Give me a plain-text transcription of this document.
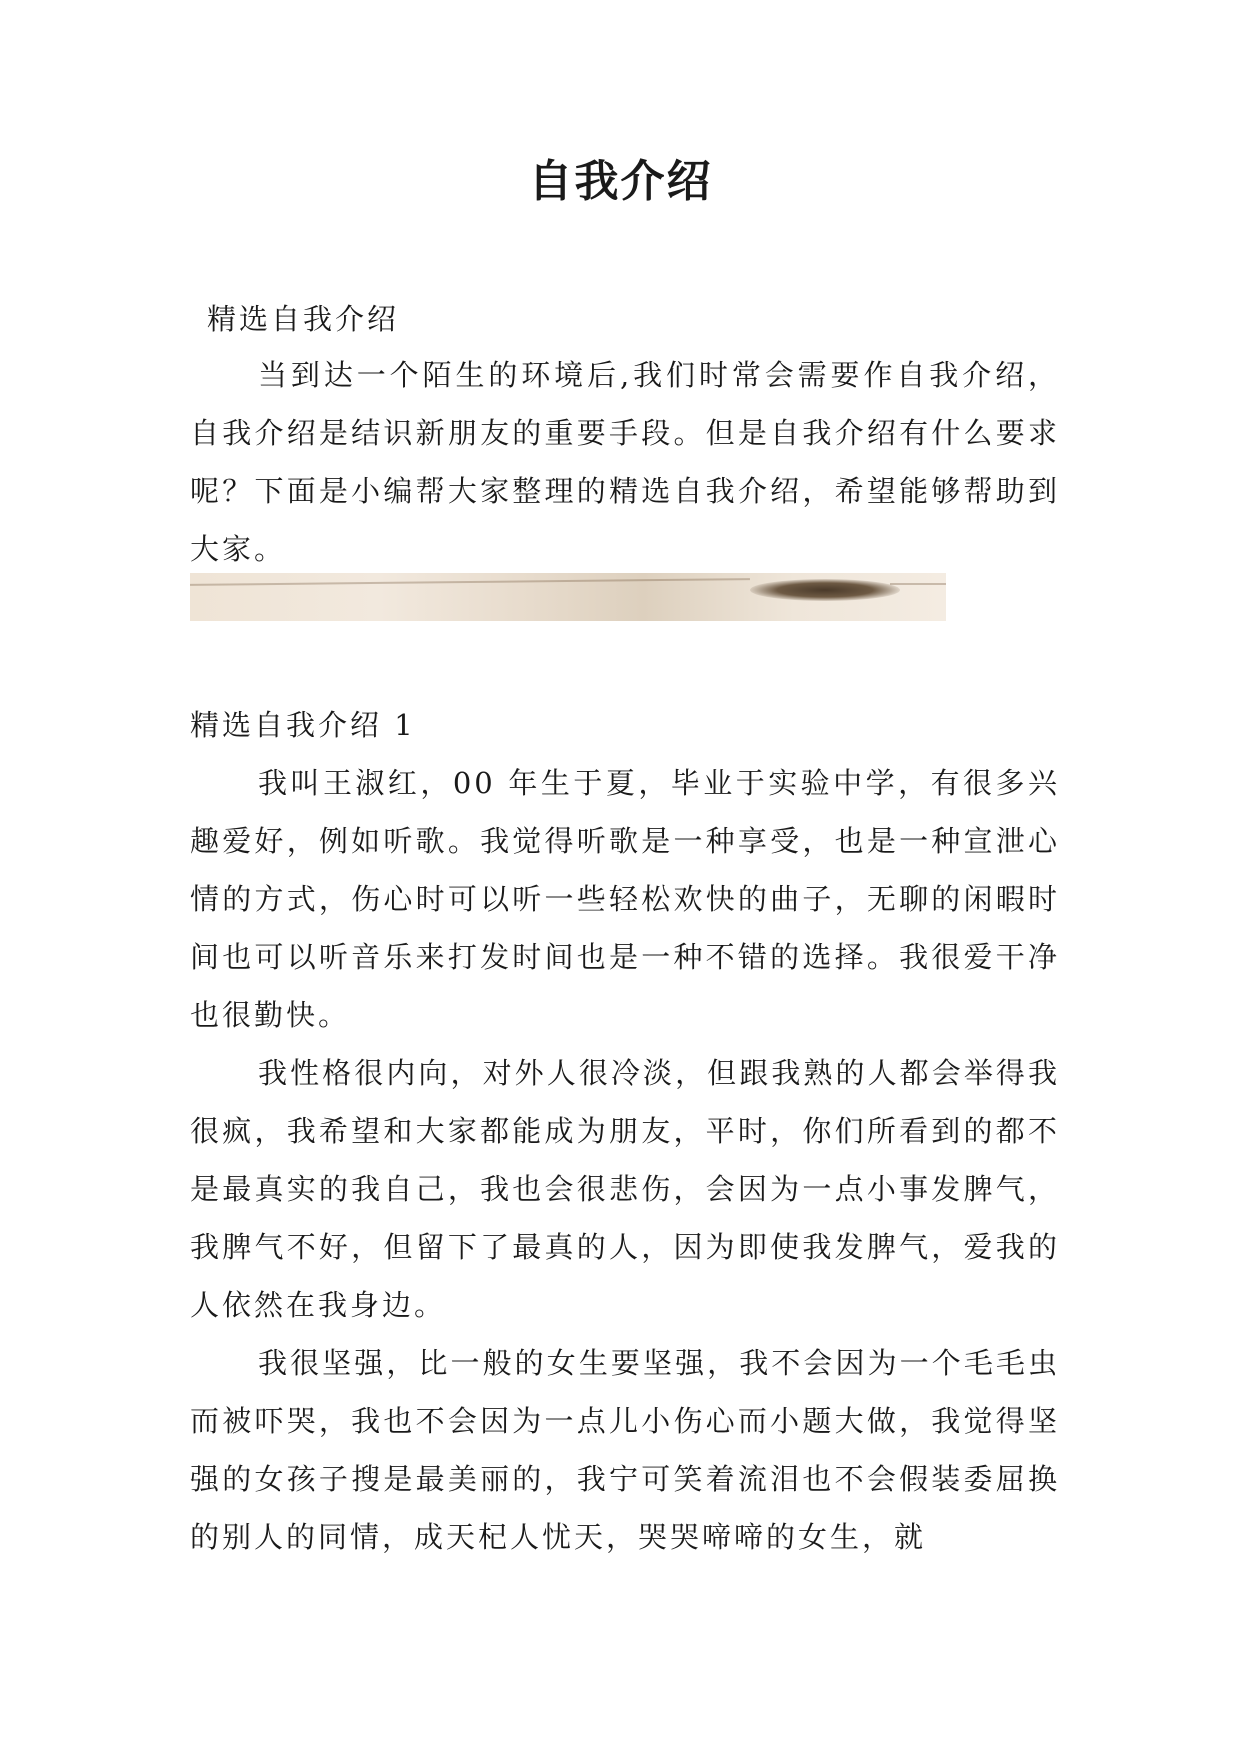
自我介绍

精选自我介绍

当到达一个陌生的环境后,我们时常会需要作自我介绍，自我介绍是结识新朋友的重要手段。但是自我介绍有什么要求呢？下面是小编帮大家整理的精选自我介绍，希望能够帮助到大家。

精选自我介绍 1

我叫王淑红，00 年生于夏，毕业于实验中学，有很多兴趣爱好，例如听歌。我觉得听歌是一种享受，也是一种宣泄心情的方式，伤心时可以听一些轻松欢快的曲子，无聊的闲暇时间也可以听音乐来打发时间也是一种不错的选择。我很爱干净也很勤快。

我性格很内向，对外人很冷淡，但跟我熟的人都会举得我很疯，我希望和大家都能成为朋友，平时，你们所看到的都不是最真实的我自己，我也会很悲伤，会因为一点小事发脾气，我脾气不好，但留下了最真的人，因为即使我发脾气，爱我的人依然在我身边。

我很坚强，比一般的女生要坚强，我不会因为一个毛毛虫而被吓哭，我也不会因为一点儿小伤心而小题大做，我觉得坚强的女孩子搜是最美丽的，我宁可笑着流泪也不会假装委屈换的别人的同情，成天杞人忧天，哭哭啼啼的女生，就
